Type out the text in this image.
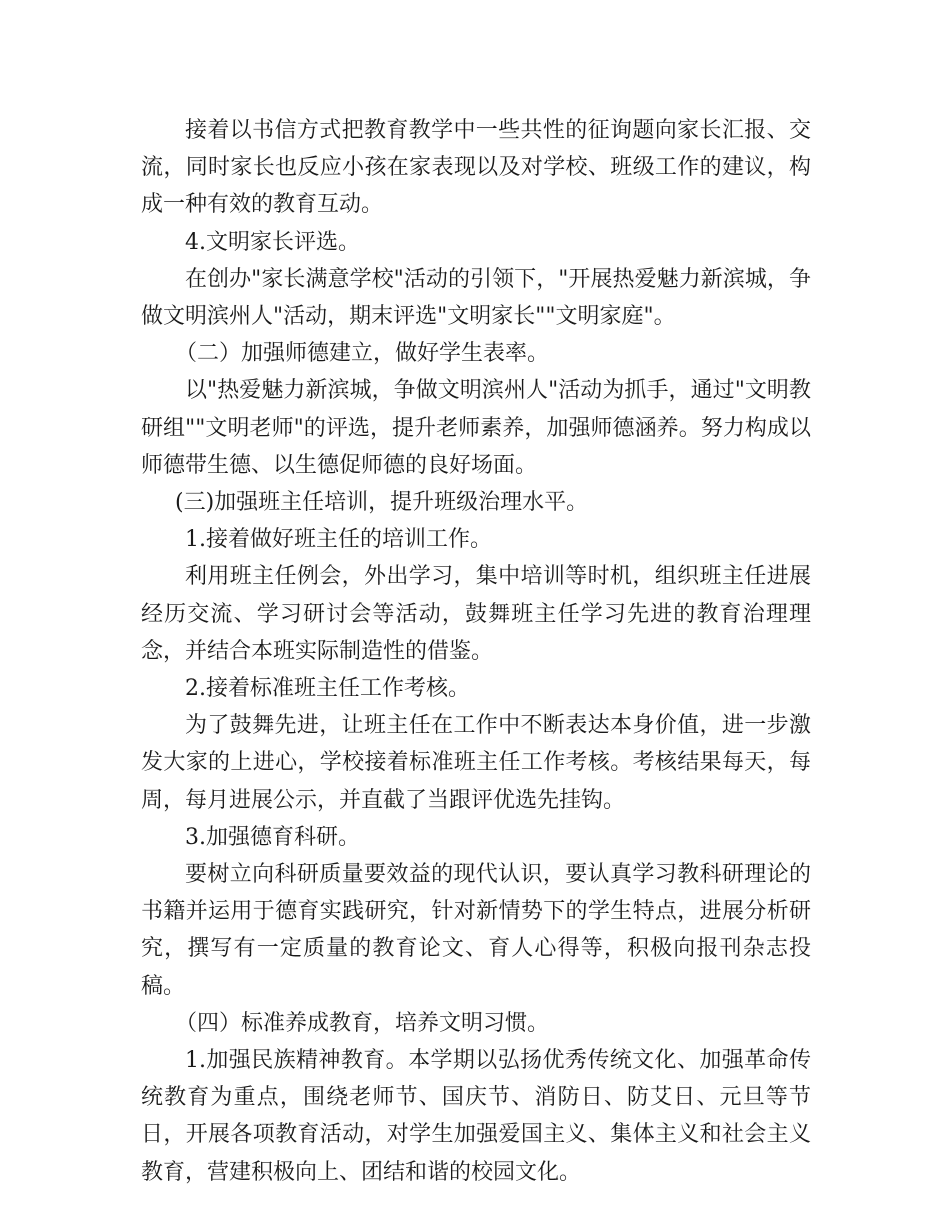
接着以书信方式把教育教学中一些共性的征询题向家长汇报、交流，同时家长也反应小孩在家表现以及对学校、班级工作的建议，构成一种有效的教育互动。

4.文明家长评选。

在创办"家长满意学校"活动的引领下，"开展热爱魅力新滨城，争做文明滨州人"活动，期末评选"文明家长""文明家庭"。

（二）加强师德建立，做好学生表率。

以"热爱魅力新滨城，争做文明滨州人"活动为抓手，通过"文明教研组""文明老师"的评选，提升老师素养，加强师德涵养。努力构成以师德带生德、以生德促师德的良好场面。

(三)加强班主任培训，提升班级治理水平。

1.接着做好班主任的培训工作。

利用班主任例会，外出学习，集中培训等时机，组织班主任进展经历交流、学习研讨会等活动，鼓舞班主任学习先进的教育治理理念，并结合本班实际制造性的借鉴。

2.接着标准班主任工作考核。

为了鼓舞先进，让班主任在工作中不断表达本身价值，进一步激发大家的上进心，学校接着标准班主任工作考核。考核结果每天，每周，每月进展公示，并直截了当跟评优选先挂钩。

3.加强德育科研。

要树立向科研质量要效益的现代认识，要认真学习教科研理论的书籍并运用于德育实践研究，针对新情势下的学生特点，进展分析研究，撰写有一定质量的教育论文、育人心得等，积极向报刊杂志投稿。

（四）标准养成教育，培养文明习惯。

1.加强民族精神教育。本学期以弘扬优秀传统文化、加强革命传统教育为重点，围绕老师节、国庆节、消防日、防艾日、元旦等节日，开展各项教育活动，对学生加强爱国主义、集体主义和社会主义教育，营建积极向上、团结和谐的校园文化。
